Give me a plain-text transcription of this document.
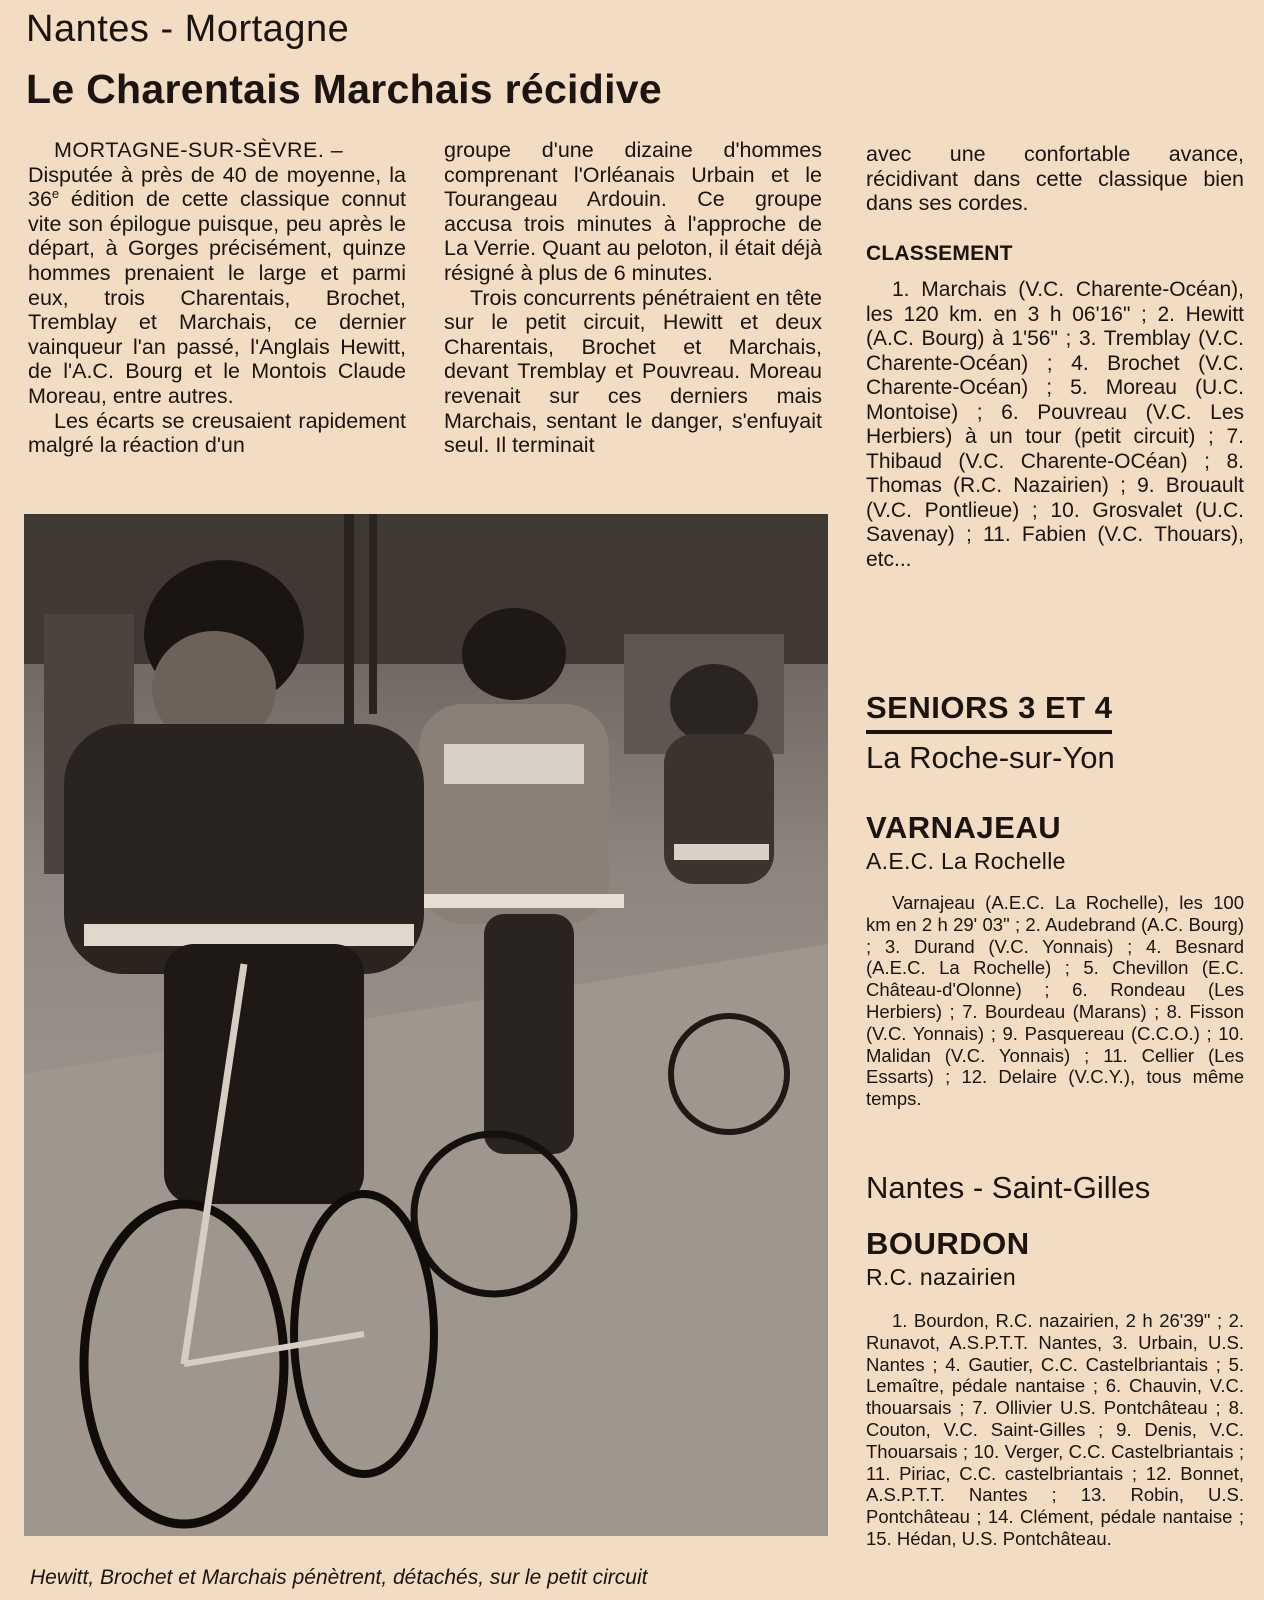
Nantes - Mortagne
Le Charentais Marchais récidive

MORTAGNE-SUR-SÈVRE. –

Disputée à près de 40 de moyenne, la 36e édition de cette classique connut vite son épilogue puisque, peu après le départ, à Gorges précisément, quinze hommes prenaient le large et parmi eux, trois Charentais, Brochet, Tremblay et Marchais, ce dernier vainqueur l'an passé, l'Anglais Hewitt, de l'A.C. Bourg et le Montois Claude Moreau, entre autres.

Les écarts se creusaient rapidement malgré la réaction d'un

groupe d'une dizaine d'hommes comprenant l'Orléanais Urbain et le Tourangeau Ardouin. Ce groupe accusa trois minutes à l'approche de La Verrie. Quant au peloton, il était déjà résigné à plus de 6 minutes.

Trois concurrents pénétraient en tête sur le petit circuit, Hewitt et deux Charentais, Brochet et Marchais, devant Tremblay et Pouvreau. Moreau revenait sur ces derniers mais Marchais, sentant le danger, s'enfuyait seul. Il terminait

avec une confortable avance, récidivant dans cette classique bien dans ses cordes.

CLASSEMENT

1. Marchais (V.C. Charente-Océan), les 120 km. en 3 h 06'16" ; 2. Hewitt (A.C. Bourg) à 1'56" ; 3. Tremblay (V.C. Charente-Océan) ; 4. Brochet (V.C. Charente-Océan) ; 5. Moreau (U.C. Montoise) ; 6. Pouvreau (V.C. Les Herbiers) à un tour (petit circuit) ; 7. Thibaud (V.C. Charente-OCéan) ; 8. Thomas (R.C. Nazairien) ; 9. Brouault (V.C. Pontlieue) ; 10. Grosvalet (U.C. Savenay) ; 11. Fabien (V.C. Thouars), etc...

Hewitt, Brochet et Marchais pénètrent, détachés, sur le petit circuit
SENIORS 3 ET 4
La Roche-sur-Yon
VARNAJEAU
A.E.C. La Rochelle

Varnajeau (A.E.C. La Rochelle), les 100 km en 2 h 29' 03" ; 2. Audebrand (A.C. Bourg) ; 3. Durand (V.C. Yonnais) ; 4. Besnard (A.E.C. La Rochelle) ; 5. Chevillon (E.C. Château-d'Olonne) ; 6. Rondeau (Les Herbiers) ; 7. Bourdeau (Marans) ; 8. Fisson (V.C. Yonnais) ; 9. Pasquereau (C.C.O.) ; 10. Malidan (V.C. Yonnais) ; 11. Cellier (Les Essarts) ; 12. Delaire (V.C.Y.), tous même temps.

Nantes - Saint-Gilles
BOURDON
R.C. nazairien

1. Bourdon, R.C. nazairien, 2 h 26'39" ; 2. Runavot, A.S.P.T.T. Nantes, 3. Urbain, U.S. Nantes ; 4. Gautier, C.C. Castelbriantais ; 5. Lemaître, pédale nantaise ; 6. Chauvin, V.C. thouarsais ; 7. Ollivier U.S. Pontchâteau ; 8. Couton, V.C. Saint-Gilles ; 9. Denis, V.C. Thouarsais ; 10. Verger, C.C. Castelbriantais ; 11. Piriac, C.C. castelbriantais ; 12. Bonnet, A.S.P.T.T. Nantes ; 13. Robin, U.S. Pontchâteau ; 14. Clément, pédale nantaise ; 15. Hédan, U.S. Pontchâteau.
